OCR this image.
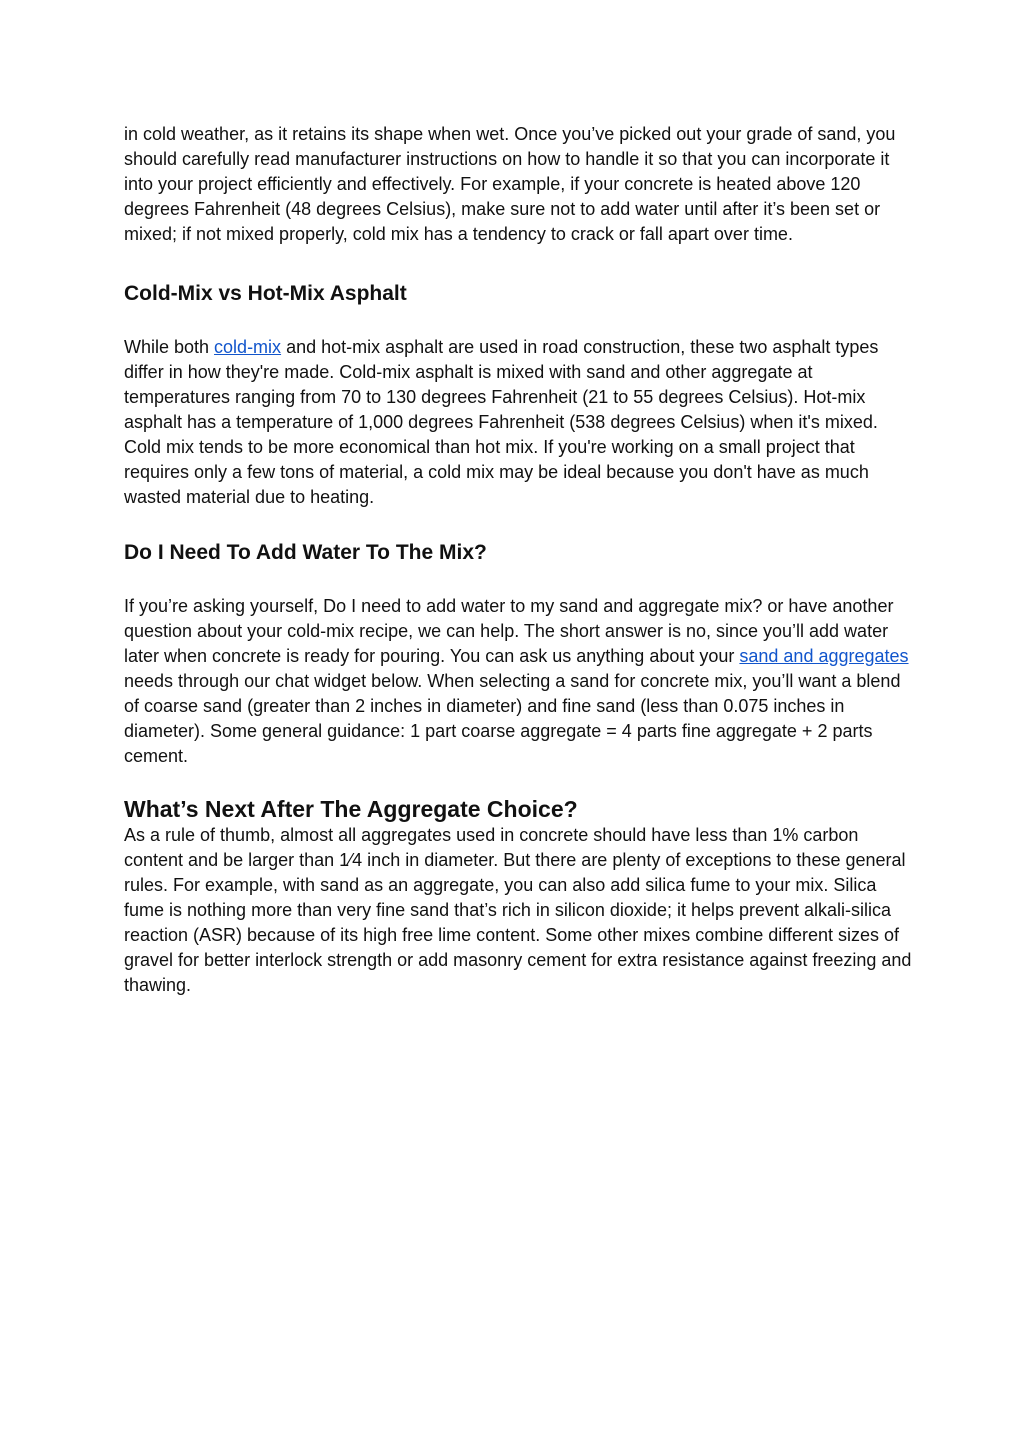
in cold weather, as it retains its shape when wet. Once you’ve picked out your grade of sand, you should carefully read manufacturer instructions on how to handle it so that you can incorporate it into your project efficiently and effectively. For example, if your concrete is heated above 120 degrees Fahrenheit (48 degrees Celsius), make sure not to add water until after it’s been set or mixed; if not mixed properly, cold mix has a tendency to crack or fall apart over time.

Cold-Mix vs Hot-Mix Asphalt

While both cold-mix and hot-mix asphalt are used in road construction, these two asphalt types differ in how they're made. Cold-mix asphalt is mixed with sand and other aggregate at temperatures ranging from 70 to 130 degrees Fahrenheit (21 to 55 degrees Celsius). Hot-mix asphalt has a temperature of 1,000 degrees Fahrenheit (538 degrees Celsius) when it's mixed. Cold mix tends to be more economical than hot mix. If you're working on a small project that requires only a few tons of material, a cold mix may be ideal because you don't have as much wasted material due to heating.

Do I Need To Add Water To The Mix?

If you’re asking yourself, Do I need to add water to my sand and aggregate mix? or have another question about your cold-mix recipe, we can help. The short answer is no, since you’ll add water later when concrete is ready for pouring. You can ask us anything about your sand and aggregates needs through our chat widget below. When selecting a sand for concrete mix, you’ll want a blend of coarse sand (greater than 2 inches in diameter) and fine sand (less than 0.075 inches in diameter). Some general guidance: 1 part coarse aggregate = 4 parts fine aggregate + 2 parts cement.

What’s Next After The Aggregate Choice?

As a rule of thumb, almost all aggregates used in concrete should have less than 1% carbon content and be larger than 1⁄4 inch in diameter. But there are plenty of exceptions to these general rules. For example, with sand as an aggregate, you can also add silica fume to your mix. Silica fume is nothing more than very fine sand that’s rich in silicon dioxide; it helps prevent alkali-silica reaction (ASR) because of its high free lime content. Some other mixes combine different sizes of gravel for better interlock strength or add masonry cement for extra resistance against freezing and thawing.
